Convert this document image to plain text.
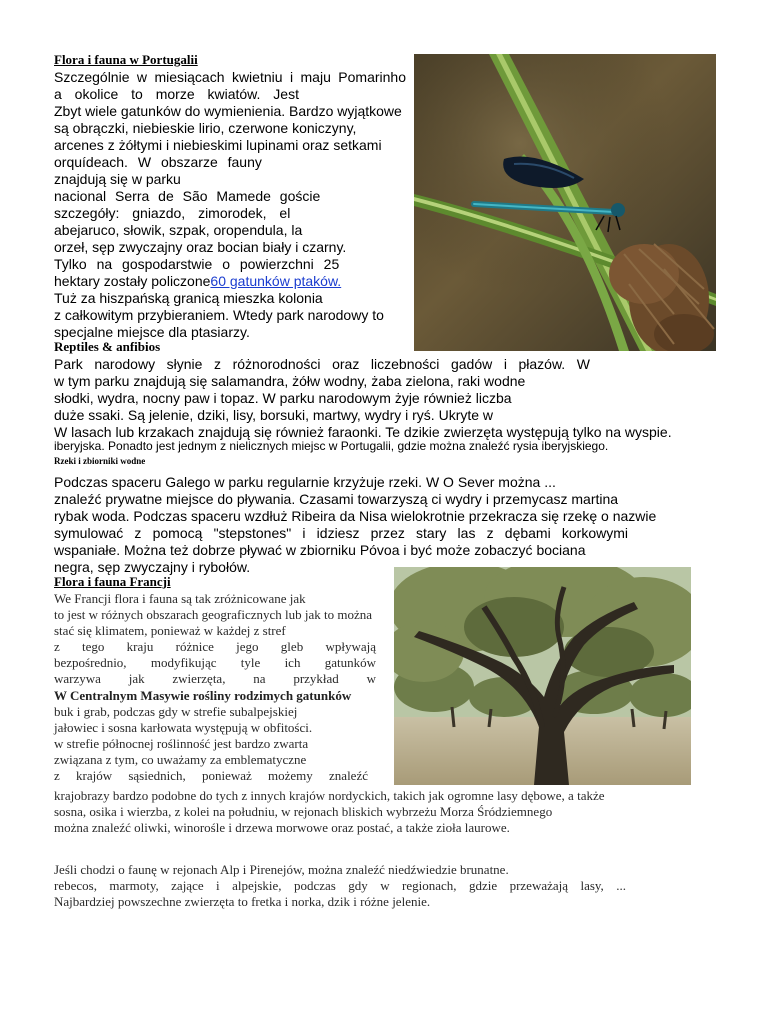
Flora i fauna w Portugalii
Szczególnie w miesiącach kwietniu i maju Pomarinho
a okolice to morze kwiatów. Jest
Zbyt wiele gatunków do wymienienia. Bardzo wyjątkowe
są obrączki, niebieskie lirio, czerwone koniczyny,
arcenes z żółtymi i niebieskimi lupinami oraz setkami
orquídeach. W obszarze fauny
znajdują się w parku
nacional Serra de São Mamede goście
szczegóły: gniazdo, zimorodek, el
abejaruco, słowik, szpak, oropendula, la
orzeł, sęp zwyczajny oraz bocian biały i czarny.
Tylko na gospodarstwie o powierzchni 25
hektary zostały policzone60 gatunków ptaków.
Tuż za hiszpańską granicą mieszka kolonia
z całkowitym przybieraniem. Wtedy park narodowy to
specjalne miejsce dla ptasiarzy.
Reptiles & anfibios
Park narodowy słynie z różnorodności oraz liczebności gadów i płazów. W
w tym parku znajdują się salamandra, żółw wodny, żaba zielona, raki wodne
słodki, wydra, nocny paw i topaz. W parku narodowym żyje również liczba
duże ssaki. Są jelenie, dziki, lisy, borsuki, martwy, wydry i ryś. Ukryte w
W lasach lub krzakach znajdują się również faraonki. Te dzikie zwierzęta występują tylko na wyspie.
iberyjska. Ponadto jest jednym z nielicznych miejsc w Portugalii, gdzie można znaleźć rysia iberyjskiego.
Rzeki i zbiorniki wodne
Podczas spaceru Galego w parku regularnie krzyżuje rzeki. W O Sever można ...
znaleźć prywatne miejsce do pływania. Czasami towarzyszą ci wydry i przemycasz martina
rybak woda. Podczas spaceru wzdłuż Ribeira da Nisa wielokrotnie przekracza się rzekę o nazwie
symulować z pomocą "stepstones" i idziesz przez stary las z dębami korkowymi
wspaniałe. Można też dobrze pływać w zbiorniku Póvoa i być może zobaczyć bociana
negra, sęp zwyczajny i rybołów.
Flora i fauna Francji
We Francji flora i fauna są tak zróżnicowane jak
to jest w różnych obszarach geograficznych lub jak to można
stać się klimatem, ponieważ w każdej z stref
z tego kraju różnice jego gleb wpływają
bezpośrednio, modyfikując tyle ich gatunków
warzywa jak zwierzęta, na przykład w
W Centralnym Masywie rośliny rodzimych gatunków
buk i grab, podczas gdy w strefie subalpejskiej
jałowiec i sosna karłowata występują w obfitości.
w strefie północnej roślinność jest bardzo zwarta
związana z tym, co uważamy za emblematyczne
z krajów sąsiednich, ponieważ możemy znaleźć
krajobrazy bardzo podobne do tych z innych krajów nordyckich, takich jak ogromne lasy dębowe, a także
sosna, osika i wierzba, z kolei na południu, w rejonach bliskich wybrzeżu Morza Śródziemnego
można znaleźć oliwki, winorośle i drzewa morwowe oraz postać, a także zioła laurowe.
Jeśli chodzi o faunę w rejonach Alp i Pirenejów, można znaleźć niedźwiedzie brunatne.
rebecos, marmoty, zające i alpejskie, podczas gdy w regionach, gdzie przeważają lasy, ...
Najbardziej powszechne zwierzęta to fretka i norka, dzik i różne jelenie.
